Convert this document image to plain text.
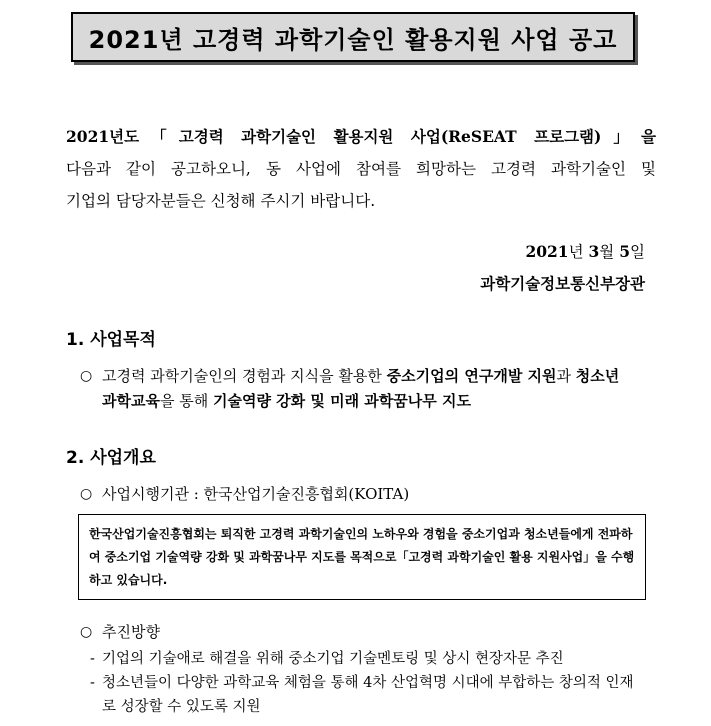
2021년 고경력 과학기술인 활용지원 사업 공고
2021년도「고경력 과학기술인 활용지원 사업(ReSEAT 프로그램)」을
다음과 같이 공고하오니, 동 사업에 참여를 희망하는 고경력 과학기술인 및
기업의 담당자분들은 신청해 주시기 바랍니다.
2021년 3월 5일
과학기술정보통신부장관
1. 사업목적
○ 고경력 과학기술인의 경험과 지식을 활용한 중소기업의 연구개발 지원과 청소년
과학교육을 통해 기술역량 강화 및 미래 과학꿈나무 지도
2. 사업개요
○ 사업시행기관 : 한국산업기술진흥협회(KOITA)
한국산업기술진흥협회는 퇴직한 고경력 과학기술인의 노하우와 경험을 중소기업과 청소년들에게 전파하여 중소기업 기술역량 강화 및 과학꿈나무 지도를 목적으로「고경력 과학기술인 활용 지원사업」을 수행하고 있습니다.
○ 추진방향
- 기업의 기술애로 해결을 위해 중소기업 기술멘토링 및 상시 현장자문 추진
- 청소년들이 다양한 과학교육 체험을 통해 4차 산업혁명 시대에 부합하는 창의적 인재로 성장할 수 있도록 지원
